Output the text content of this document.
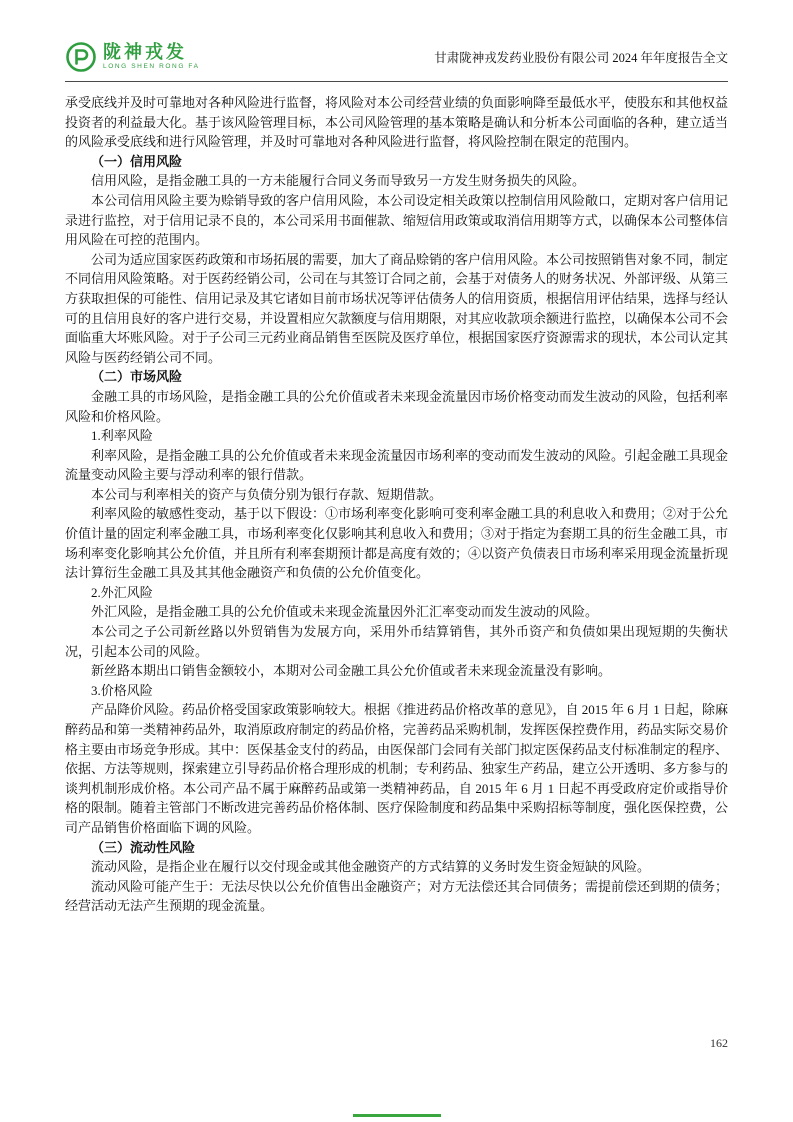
陇神戎发
LONG SHEN RONG FA
甘肃陇神戎发药业股份有限公司 2024 年年度报告全文

承受底线并及时可靠地对各种风险进行监督，将风险对本公司经营业绩的负面影响降至最低水平，使股东和其他权益投资者的利益最大化。基于该风险管理目标，本公司风险管理的基本策略是确认和分析本公司面临的各种，建立适当的风险承受底线和进行风险管理，并及时可靠地对各种风险进行监督，将风险控制在限定的范围内。

（一）信用风险

信用风险，是指金融工具的一方未能履行合同义务而导致另一方发生财务损失的风险。

本公司信用风险主要为赊销导致的客户信用风险，本公司设定相关政策以控制信用风险敞口，定期对客户信用记录进行监控，对于信用记录不良的，本公司采用书面催款、缩短信用政策或取消信用期等方式，以确保本公司整体信用风险在可控的范围内。

公司为适应国家医药政策和市场拓展的需要，加大了商品赊销的客户信用风险。本公司按照销售对象不同，制定不同信用风险策略。对于医药经销公司，公司在与其签订合同之前，会基于对债务人的财务状况、外部评级、从第三方获取担保的可能性、信用记录及其它诸如目前市场状况等评估债务人的信用资质，根据信用评估结果，选择与经认可的且信用良好的客户进行交易，并设置相应欠款额度与信用期限，对其应收款项余额进行监控，以确保本公司不会面临重大坏账风险。对于子公司三元药业商品销售至医院及医疗单位，根据国家医疗资源需求的现状，本公司认定其风险与医药经销公司不同。

（二）市场风险

金融工具的市场风险，是指金融工具的公允价值或者未来现金流量因市场价格变动而发生波动的风险，包括利率风险和价格风险。

1.利率风险

利率风险，是指金融工具的公允价值或者未来现金流量因市场利率的变动而发生波动的风险。引起金融工具现金流量变动风险主要与浮动利率的银行借款。

本公司与利率相关的资产与负债分别为银行存款、短期借款。

利率风险的敏感性变动，基于以下假设：①市场利率变化影响可变利率金融工具的利息收入和费用；②对于公允价值计量的固定利率金融工具，市场利率变化仅影响其利息收入和费用；③对于指定为套期工具的衍生金融工具，市场利率变化影响其公允价值，并且所有利率套期预计都是高度有效的；④以资产负债表日市场利率采用现金流量折现法计算衍生金融工具及其其他金融资产和负债的公允价值变化。

2.外汇风险

外汇风险，是指金融工具的公允价值或未来现金流量因外汇汇率变动而发生波动的风险。

本公司之子公司新丝路以外贸销售为发展方向，采用外币结算销售，其外币资产和负债如果出现短期的失衡状况，引起本公司的风险。

新丝路本期出口销售金额较小，本期对公司金融工具公允价值或者未来现金流量没有影响。

3.价格风险

产品降价风险。药品价格受国家政策影响较大。根据《推进药品价格改革的意见》，自 2015 年 6 月 1 日起，除麻醉药品和第一类精神药品外，取消原政府制定的药品价格，完善药品采购机制，发挥医保控费作用，药品实际交易价格主要由市场竞争形成。其中：医保基金支付的药品，由医保部门会同有关部门拟定医保药品支付标准制定的程序、依据、方法等规则，探索建立引导药品价格合理形成的机制；专利药品、独家生产药品，建立公开透明、多方参与的谈判机制形成价格。本公司产品不属于麻醉药品或第一类精神药品，自 2015 年 6 月 1 日起不再受政府定价或指导价格的限制。随着主管部门不断改进完善药品价格体制、医疗保险制度和药品集中采购招标等制度，强化医保控费，公司产品销售价格面临下调的风险。

（三）流动性风险

流动风险，是指企业在履行以交付现金或其他金融资产的方式结算的义务时发生资金短缺的风险。

流动风险可能产生于：无法尽快以公允价值售出金融资产；对方无法偿还其合同债务；需提前偿还到期的债务；经营活动无法产生预期的现金流量。

162
